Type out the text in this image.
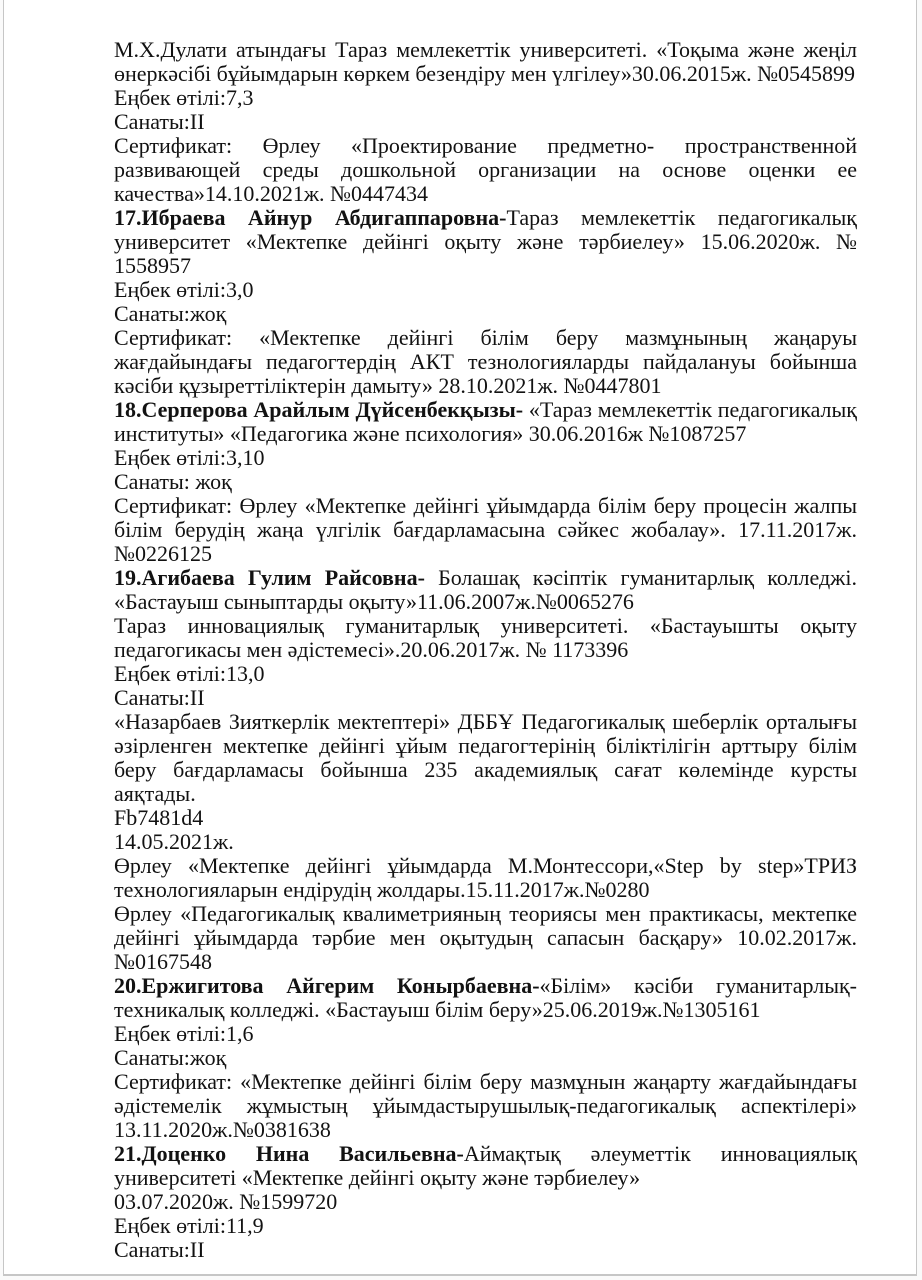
М.Х.Дулати атындағы Тараз мемлекеттік университеті. «Тоқыма және жеңіл өнеркәсібі бұйымдарын көркем безендіру мен үлгілеу»30.06.2015ж. №0545899

Еңбек өтілі:7,3

Санаты:II

Сертификат: Өрлеу «Проектирование предметно- пространственной развивающей среды дошкольной организации на основе оценки ее качества»14.10.2021ж. №0447434

17.Ибраева Айнур Абдигаппаровна-Тараз мемлекеттік педагогикалық университет «Мектепке дейінгі оқыту және тәрбиелеу» 15.06.2020ж. № 1558957

Еңбек өтілі:3,0

Санаты:жоқ

Сертификат: «Мектепке дейінгі білім беру мазмұнының жаңаруы жағдайындағы педагогтердің АКТ тезнологияларды пайдалануы бойынша кәсіби құзыреттіліктерін дамыту» 28.10.2021ж. №0447801

18.Серперова Арайлым Дүйсенбекқызы- «Тараз мемлекеттік педагогикалық институты» «Педагогика және психология» 30.06.2016ж №1087257

Еңбек өтілі:3,10

Санаты: жоқ

Сертификат: Өрлеу «Мектепке дейінгі ұйымдарда білім беру процесін жалпы білім берудің жаңа үлгілік бағдарламасына сәйкес жобалау». 17.11.2017ж. №0226125

19.Агибаева Гулим Райсовна- Болашақ кәсіптік гуманитарлық колледжі. «Бастауыш сыныптарды оқыту»11.06.2007ж.№0065276

Тараз инновациялық гуманитарлық университеті. «Бастауышты оқыту педагогикасы мен әдістемесі».20.06.2017ж. № 1173396

Еңбек өтілі:13,0

Санаты:II

«Назарбаев Зияткерлік мектептері» ДББҰ Педагогикалық шеберлік орталығы әзірленген мектепке дейінгі ұйым педагогтерінің біліктілігін арттыру білім беру бағдарламасы бойынша 235 академиялық сағат көлемінде курсты аяқтады.

Fb7481d4

14.05.2021ж.

Өрлеу «Мектепке дейінгі ұйымдарда М.Монтессори,«Step by step»ТРИЗ технологияларын ендірудің жолдары.15.11.2017ж.№0280

Өрлеу «Педагогикалық квалиметрияның теориясы мен практикасы, мектепке дейінгі ұйымдарда тәрбие мен оқытудың сапасын басқару» 10.02.2017ж. №0167548

20.Ержигитова Айгерим Конырбаевна-«Білім» кәсіби гуманитарлық-техникалық колледжі. «Бастауыш білім беру»25.06.2019ж.№1305161

Еңбек өтілі:1,6

Санаты:жоқ

Сертификат: «Мектепке дейінгі білім беру мазмұнын жаңарту жағдайындағы әдістемелік жұмыстың ұйымдастырушылық-педагогикалық аспектілері» 13.11.2020ж.№0381638

21.Доценко Нина Васильевна-Аймақтық әлеуметтік инновациялық университеті «Мектепке дейінгі оқыту және тәрбиелеу»

03.07.2020ж. №1599720

Еңбек өтілі:11,9

Санаты:II
